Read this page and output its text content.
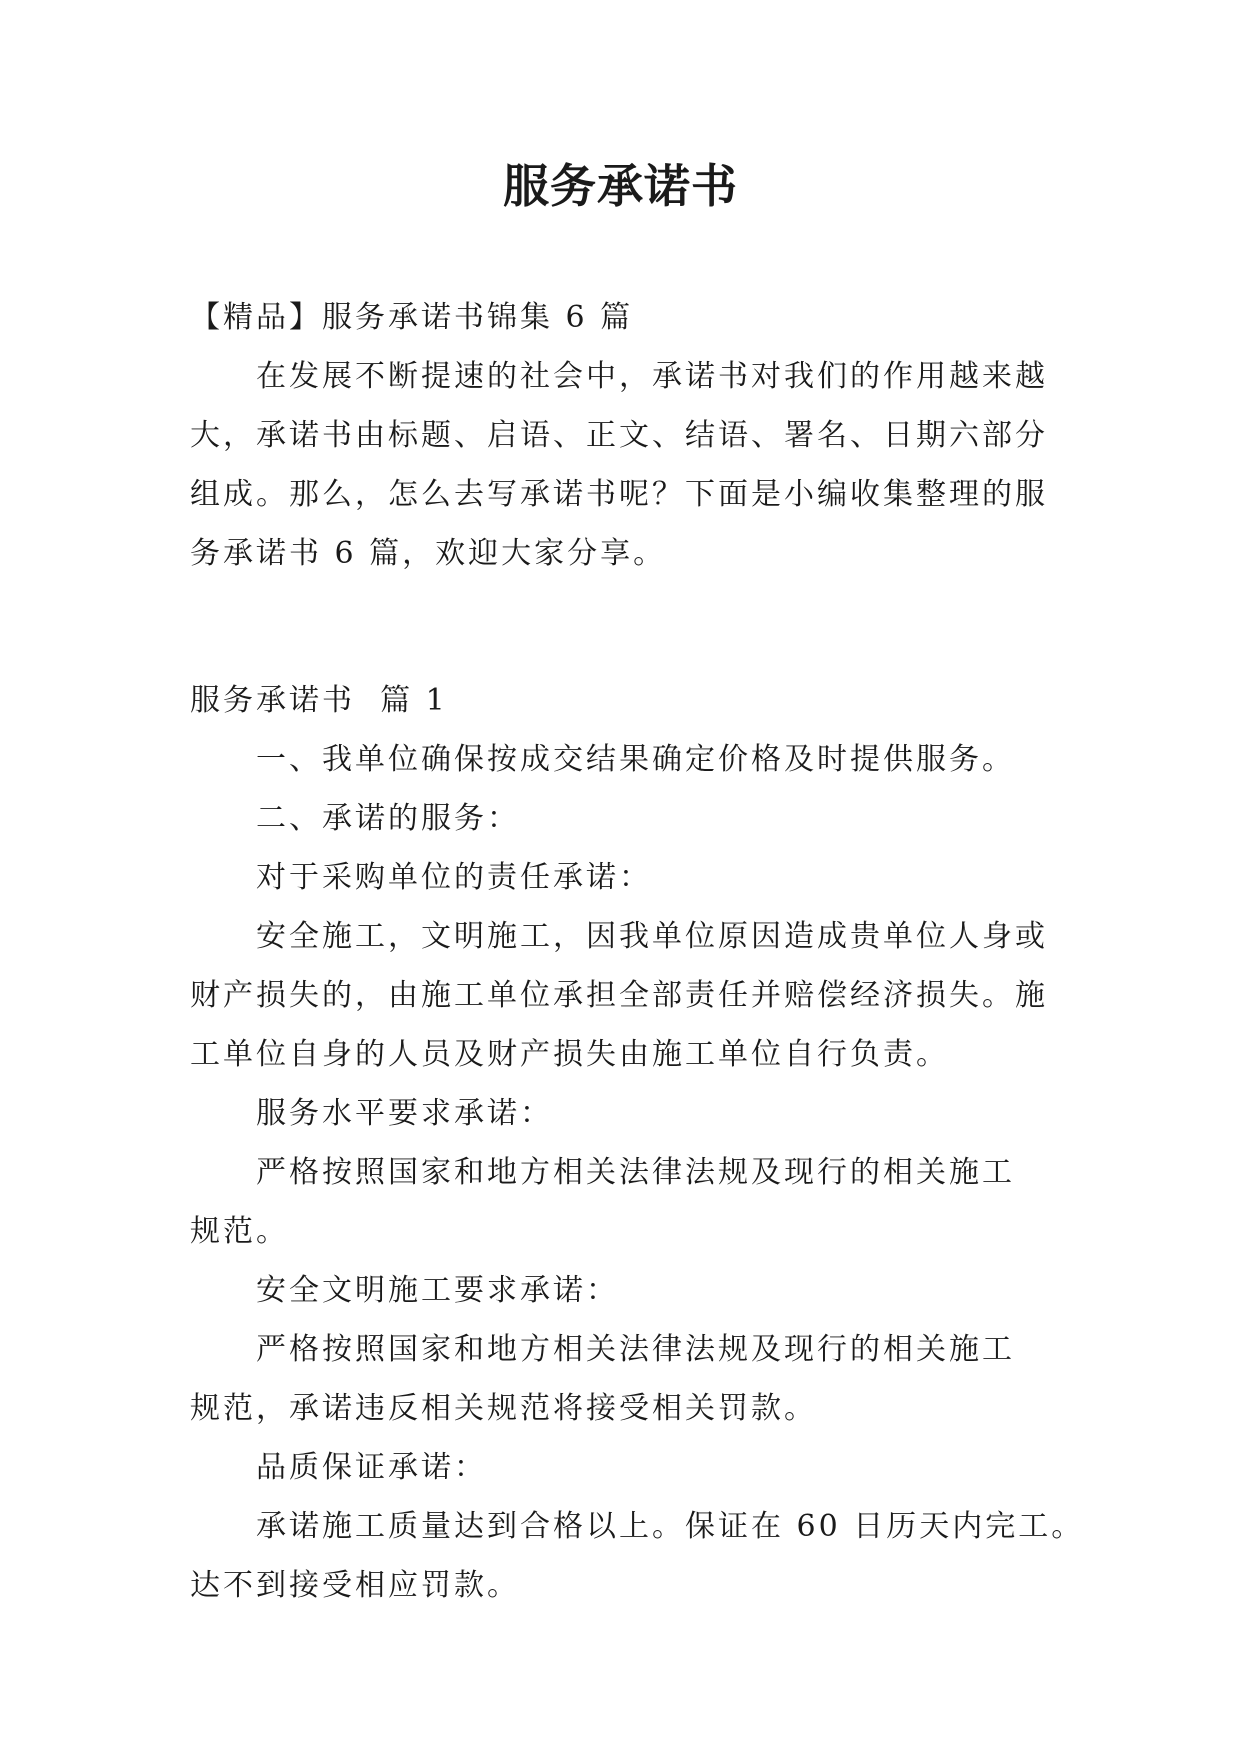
服务承诺书
【精品】服务承诺书锦集 6 篇
在发展不断提速的社会中，承诺书对我们的作用越来越
大，承诺书由标题、启语、正文、结语、署名、日期六部分
组成。那么，怎么去写承诺书呢？下面是小编收集整理的服
务承诺书 6 篇，欢迎大家分享。
服务承诺书  篇 1
一、我单位确保按成交结果确定价格及时提供服务。
二、承诺的服务：
对于采购单位的责任承诺：
安全施工，文明施工，因我单位原因造成贵单位人身或
财产损失的，由施工单位承担全部责任并赔偿经济损失。施
工单位自身的人员及财产损失由施工单位自行负责。
服务水平要求承诺：
严格按照国家和地方相关法律法规及现行的相关施工
规范。
安全文明施工要求承诺：
严格按照国家和地方相关法律法规及现行的相关施工
规范，承诺违反相关规范将接受相关罚款。
品质保证承诺：
承诺施工质量达到合格以上。保证在 60 日历天内完工。
达不到接受相应罚款。
